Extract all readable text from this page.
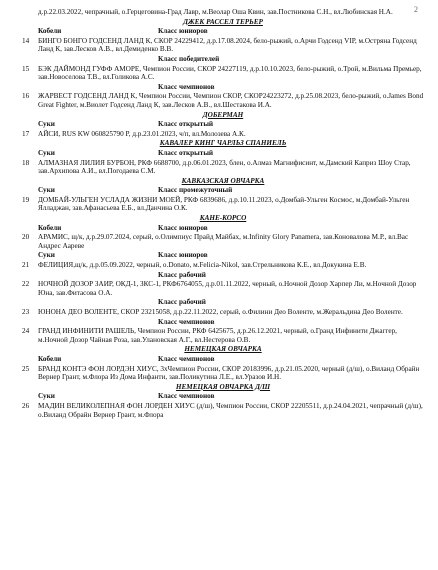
2
д.р.22.03.2022, чепрачный, о.Герцеговина-Град Лавр, м.Веолар Оша Квин, зав.Постникова С.Н., вл.Любинская Н.А.
ДЖЕК РАССЕЛ ТЕРЬЕР
Кобели	Класс юниоров
14	БИНГО БОНГО ГОДСЕНД ЛАНД К, СКОР 24229412, д.р.17.08.2024, бело-рыжий, о.Арчи Годсенд VIP, м.Остряна Годсенд Ланд К, зав.Лесков А.В., вл.Демиденко В.В.
Класс победителей
15	БЭК ДАЙМОНД ГУФФ АМОРЕ, Чемпион России, СКОР 24227119, д.р.10.10.2023, бело-рыжий, о.Трой, м.Вильма Премьер, зав.Новоселова Т.В., вл.Голикова А.С.
Класс чемпионов
16	ЖАРВЕСТ ГОДСЕНД ЛАНД К, Чемпион России, Чемпион СКОР, СКОР24223272, д.р.25.08.2023, бело-рыжий, о.James Bond Great Fighter, м.Виолет Годсенд Ланд К, зав.Лесков А.В., вл.Шестакова И.А.
ДОБЕРМАН
Суки	Класс открытый
17	АЙСИ, RUS KW 060825790 P, д.р.23.01.2023, ч/п, вл.Молозева А.К.
КАВАЛЕР КИНГ ЧАРЛЬЗ СПАНИЕЛЬ
Суки	Класс открытый
18	АЛМАЗНАЯ ЛИЛИЯ БУРБОН, РКФ 6688700, д.р.06.01.2023, блен, о.Алмаз Магнифисинт, м.Дамский Каприз Шоу Стар, зав.Архипова А.И., вл.Погодаева С.М.
КАВКАЗСКАЯ ОВЧАРКА
Суки	Класс промежуточный
19	ДОМБАЙ-УЛЬГЕН УСЛАДА ЖИЗНИ МОЕЙ, РКФ 6839686, д.р.10.11.2023, о.Домбай-Ульген Космос, м.Домбай-Ульген Ялладжан, зав.Афанасьева Е.Б., вл.Данчина О.К.
КАНЕ-КОРСО
Кобели	Класс юниоров
20	АРАМИС, щ/к, д.р.29.07.2024, серый, о.Олимпиус Прайд Майбах, м.Infinity Glory Panamera, зав.Коновалова М.Р., вл.Вас Андрес Аареве
Суки	Класс юниоров
21	ФЕЛИЦИЯ,щ/к, д.р.05.09.2022, черный, о.Donato, м.Felicia-Nikol, зав.Стрельникова К.Е., вл.Докукина Е.В.
Класс рабочий
22	НОЧНОЙ ДОЗОР ЗАИР, ОКД-1, ЗКС-1, РКФ6764055, д.р.01.11.2022, черный, о.Ночной Дозор Харпер Ли, м.Ночной Дозор Юна, зав.Фитасова О.А.
Класс рабочий
23	ЮНОНА ДЕО ВОЛЕНТЕ, СКОР 23215058, д.р.22.11.2022, серый, о.Филини Део Воленте, м.Жеральдина Део Воленте.
Класс чемпионов
24	ГРАНД ИНФИНИТИ РАШЕЛЬ, Чемпион России, РКФ 6425675, д.р.26.12.2021, черный, о.Гранд Инфинити Джаггер, м.Ночной Дозор Чайная Роза, зав.Улановская А.Г., вл.Нестерова О.В.
НЕМЕЦКАЯ ОВЧАРКА
Кобели	Класс чемпионов
25	БРАНД КОНТЭ ФОН ЛОРДЭН ХИУС, 3хЧемпион России, СКОР 20183996, д.р.21.05.2020, черный (д/ш), о.Виланд Обрайн Вернер Грант, м.Флора Из Дома Инфанти, зав.Поликутина Л.Е., вл.Уразов И.Н.
НЕМЕЦКАЯ ОВЧАРКА Д/Ш
Суки	Класс чемпионов
26	МАДИН ВЕЛИКОЛЕПНАЯ ФОН ЛОРДЕН ХИУС (д/ш), Чемпион России, СКОР 22205511, д.р.24.04.2021, чепрачный (д/ш), о.Виланд Обрайн Вернер Грант, м.Флора
